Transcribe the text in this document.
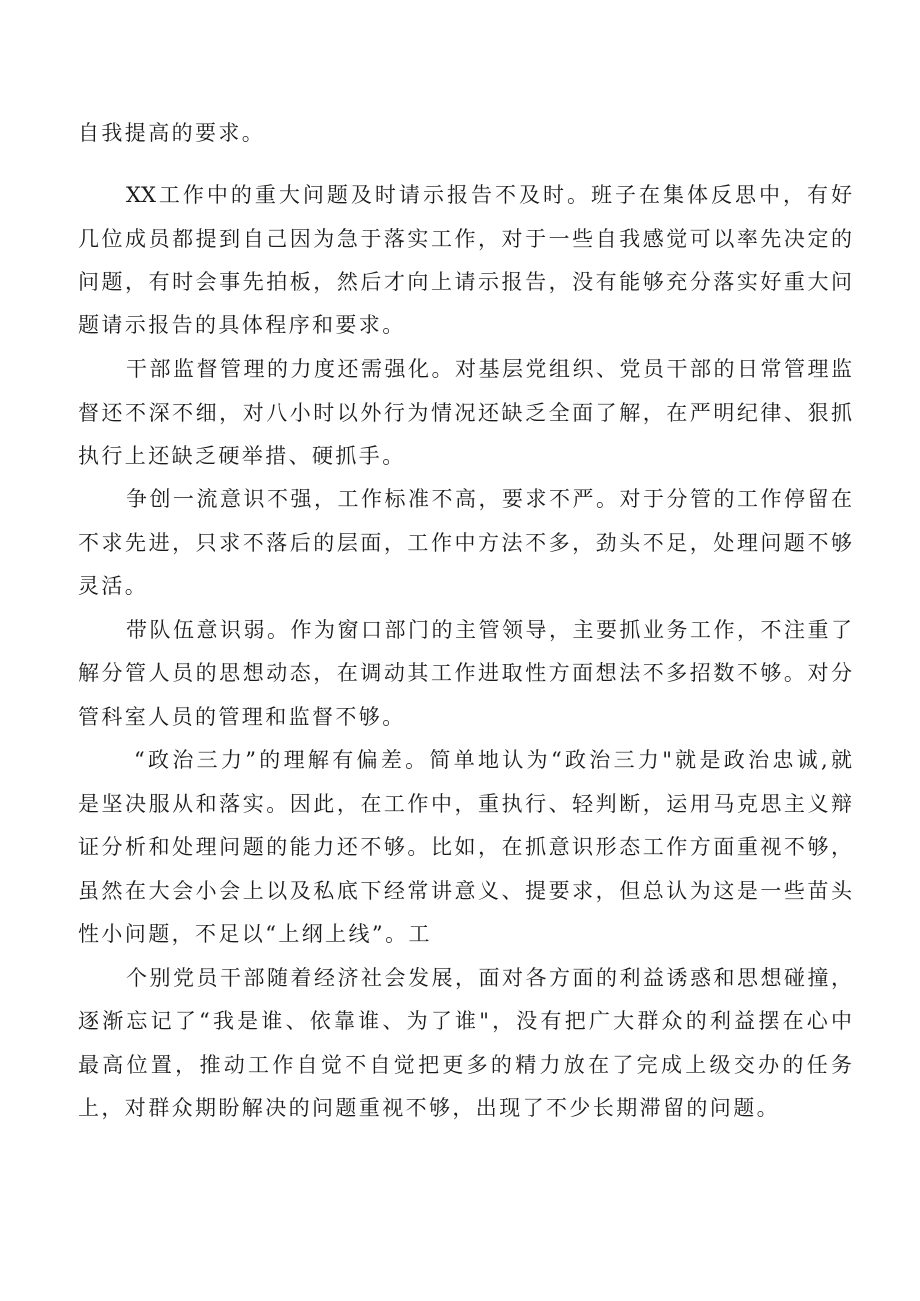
自我提高的要求。
XX工作中的重大问题及时请示报告不及时。班子在集体反思中，有好
几位成员都提到自己因为急于落实工作，对于一些自我感觉可以率先决定的
问题，有时会事先拍板，然后才向上请示报告，没有能够充分落实好重大问
题请示报告的具体程序和要求。
干部监督管理的力度还需强化。对基层党组织、党员干部的日常管理监
督还不深不细，对八小时以外行为情况还缺乏全面了解，在严明纪律、狠抓
执行上还缺乏硬举措、硬抓手。
争创一流意识不强，工作标准不高，要求不严。对于分管的工作停留在
不求先进，只求不落后的层面，工作中方法不多，劲头不足，处理问题不够
灵活。
带队伍意识弱。作为窗口部门的主管领导，主要抓业务工作，不注重了
解分管人员的思想动态，在调动其工作进取性方面想法不多招数不够。对分
管科室人员的管理和监督不够。
“政治三力”的理解有偏差。简单地认为“政治三力"就是政治忠诚,就
是坚决服从和落实。因此，在工作中，重执行、轻判断，运用马克思主义辩
证分析和处理问题的能力还不够。比如，在抓意识形态工作方面重视不够，
虽然在大会小会上以及私底下经常讲意义、提要求，但总认为这是一些苗头
性小问题，不足以“上纲上线”。工
个别党员干部随着经济社会发展，面对各方面的利益诱惑和思想碰撞，
逐渐忘记了“我是谁、依靠谁、为了谁"，没有把广大群众的利益摆在心中
最高位置，推动工作自觉不自觉把更多的精力放在了完成上级交办的任务
上，对群众期盼解决的问题重视不够，出现了不少长期滞留的问题。
